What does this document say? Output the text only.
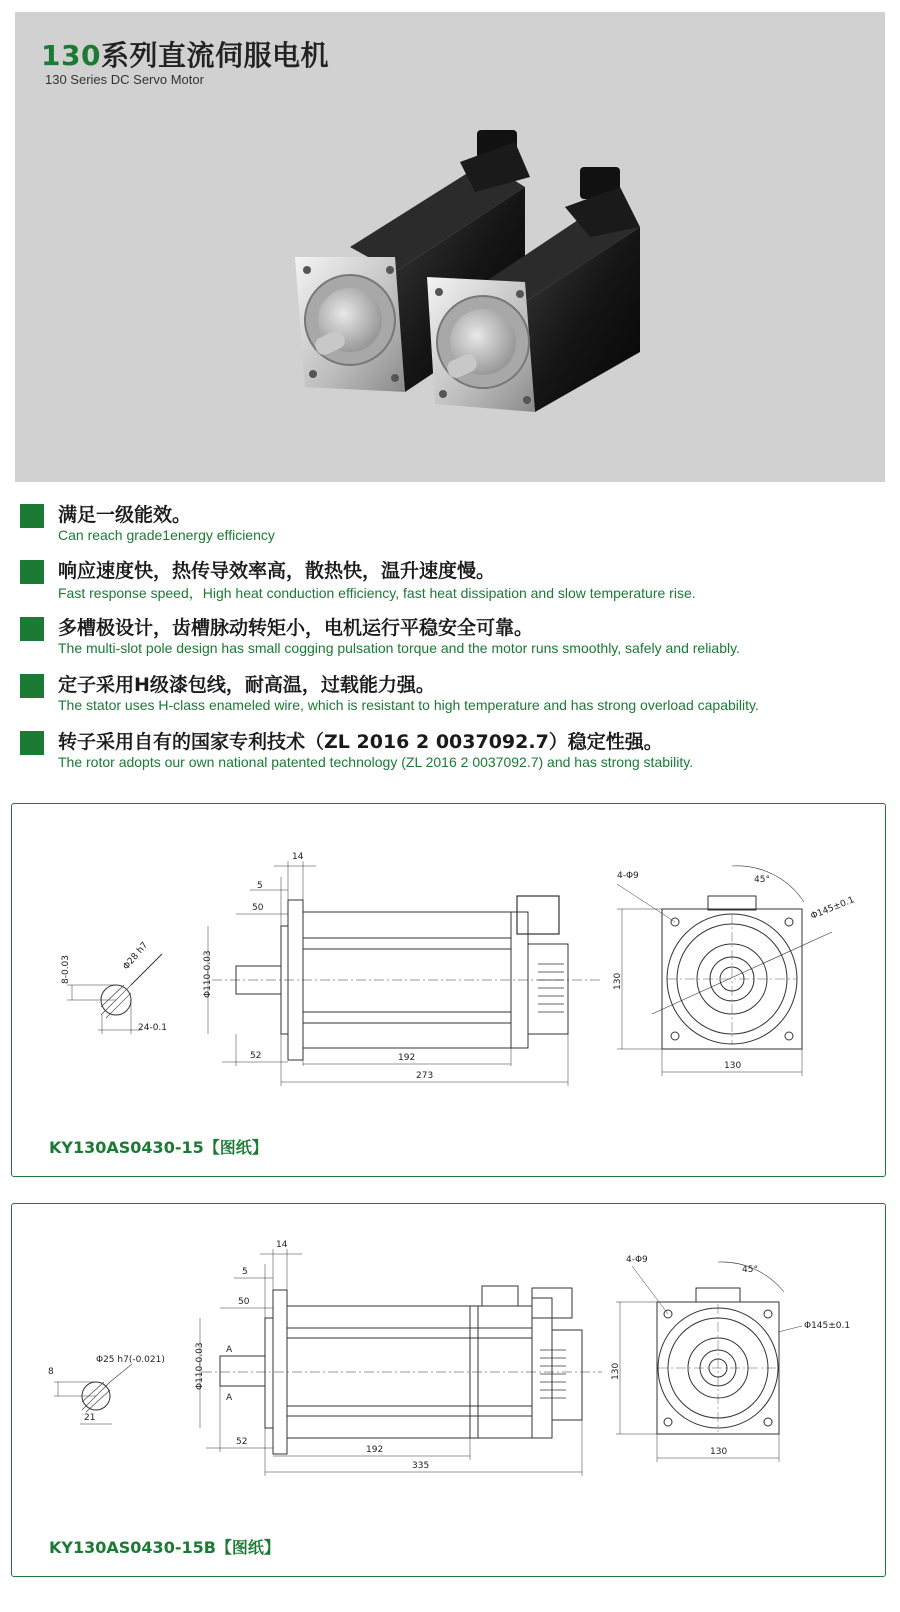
130系列直流伺服电机
130 Series DC Servo Motor
满足一级能效。
Can reach grade1energy efficiency
响应速度快，热传导效率高，散热快，温升速度慢。
Fast response speed，High heat conduction efficiency, fast heat dissipation and slow temperature rise.
多槽极设计，齿槽脉动转矩小，电机运行平稳安全可靠。
The multi-slot pole design has small cogging pulsation torque and the motor runs smoothly, safely and reliably.
定子采用H级漆包线，耐高温，过载能力强。
The stator uses H-class enameled wire, which is resistant to high temperature and has strong overload capability.
转子采用自有的国家专利技术（ZL 2016 2 0037092.7）稳定性强。
The rotor adopts our own national patented technology (ZL 2016 2 0037092.7) and has strong stability.
8-0.03	Φ28 h7
24-0.1
14
5
50
Φ110-0.03
52	192
273
4-Φ9	45°
Φ145±0.1
130
130
KY130AS0430-15【图纸】
8
Φ25 h7(-0.021)
21
A
A
14
5
50
Φ110-0.03
52
192
335
4-Φ9
45°
Φ145±0.1
130
130
KY130AS0430-15B【图纸】
